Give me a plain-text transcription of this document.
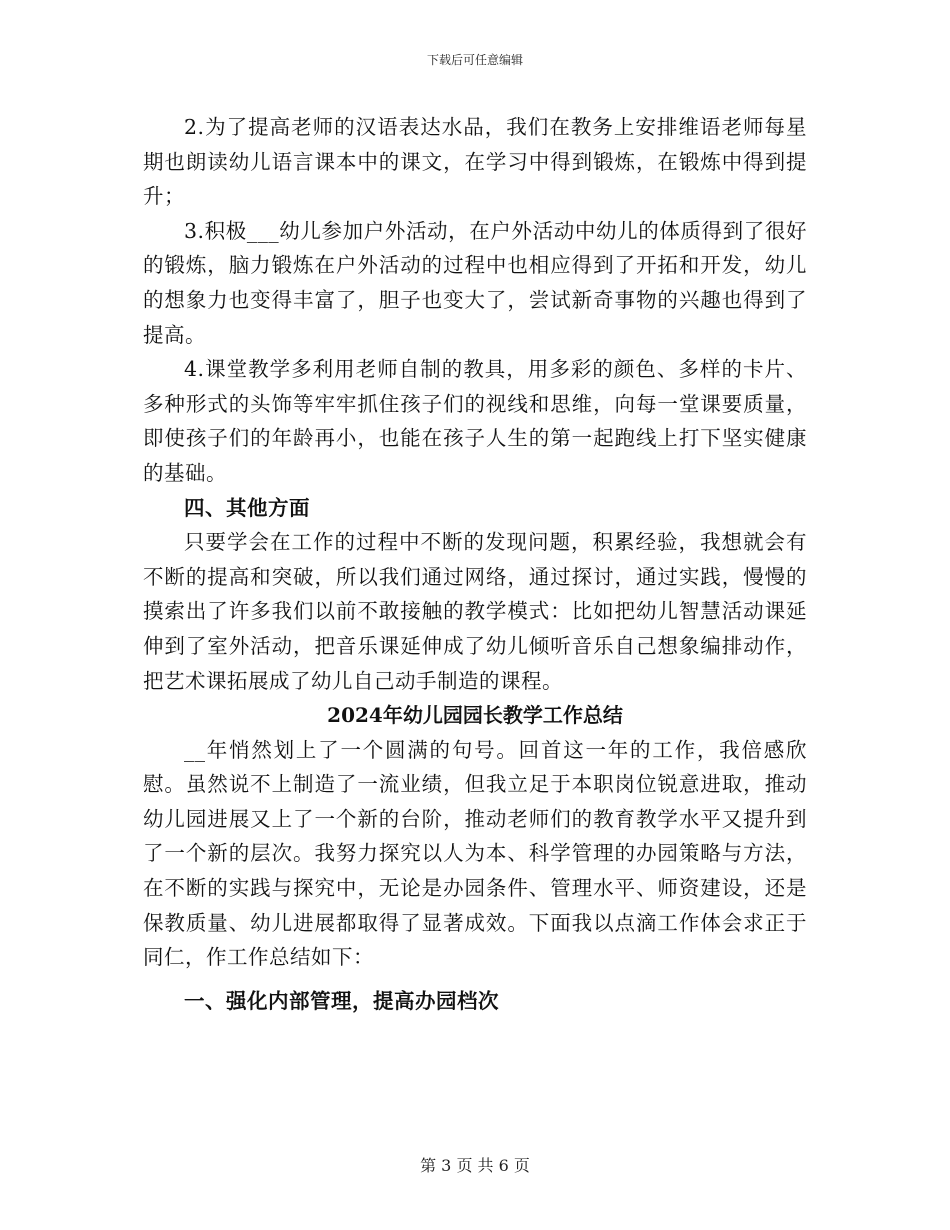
下载后可任意编辑

2.为了提高老师的汉语表达水品，我们在教务上安排维语老师每星期也朗读幼儿语言课本中的课文，在学习中得到锻炼，在锻炼中得到提升；

3.积极___幼儿参加户外活动，在户外活动中幼儿的体质得到了很好的锻炼，脑力锻炼在户外活动的过程中也相应得到了开拓和开发，幼儿的想象力也变得丰富了，胆子也变大了，尝试新奇事物的兴趣也得到了提高。

4.课堂教学多利用老师自制的教具，用多彩的颜色、多样的卡片、多种形式的头饰等牢牢抓住孩子们的视线和思维，向每一堂课要质量，即使孩子们的年龄再小，也能在孩子人生的第一起跑线上打下坚实健康的基础。

四、其他方面

只要学会在工作的过程中不断的发现问题，积累经验，我想就会有不断的提高和突破，所以我们通过网络，通过探讨，通过实践，慢慢的摸索出了许多我们以前不敢接触的教学模式：比如把幼儿智慧活动课延伸到了室外活动，把音乐课延伸成了幼儿倾听音乐自己想象编排动作，把艺术课拓展成了幼儿自己动手制造的课程。

2024年幼儿园园长教学工作总结

__年悄然划上了一个圆满的句号。回首这一年的工作，我倍感欣慰。虽然说不上制造了一流业绩，但我立足于本职岗位锐意进取，推动幼儿园进展又上了一个新的台阶，推动老师们的教育教学水平又提升到了一个新的层次。我努力探究以人为本、科学管理的办园策略与方法，在不断的实践与探究中，无论是办园条件、管理水平、师资建设，还是保教质量、幼儿进展都取得了显著成效。下面我以点滴工作体会求正于同仁，作工作总结如下：

一、强化内部管理，提高办园档次

第 3 页 共 6 页
